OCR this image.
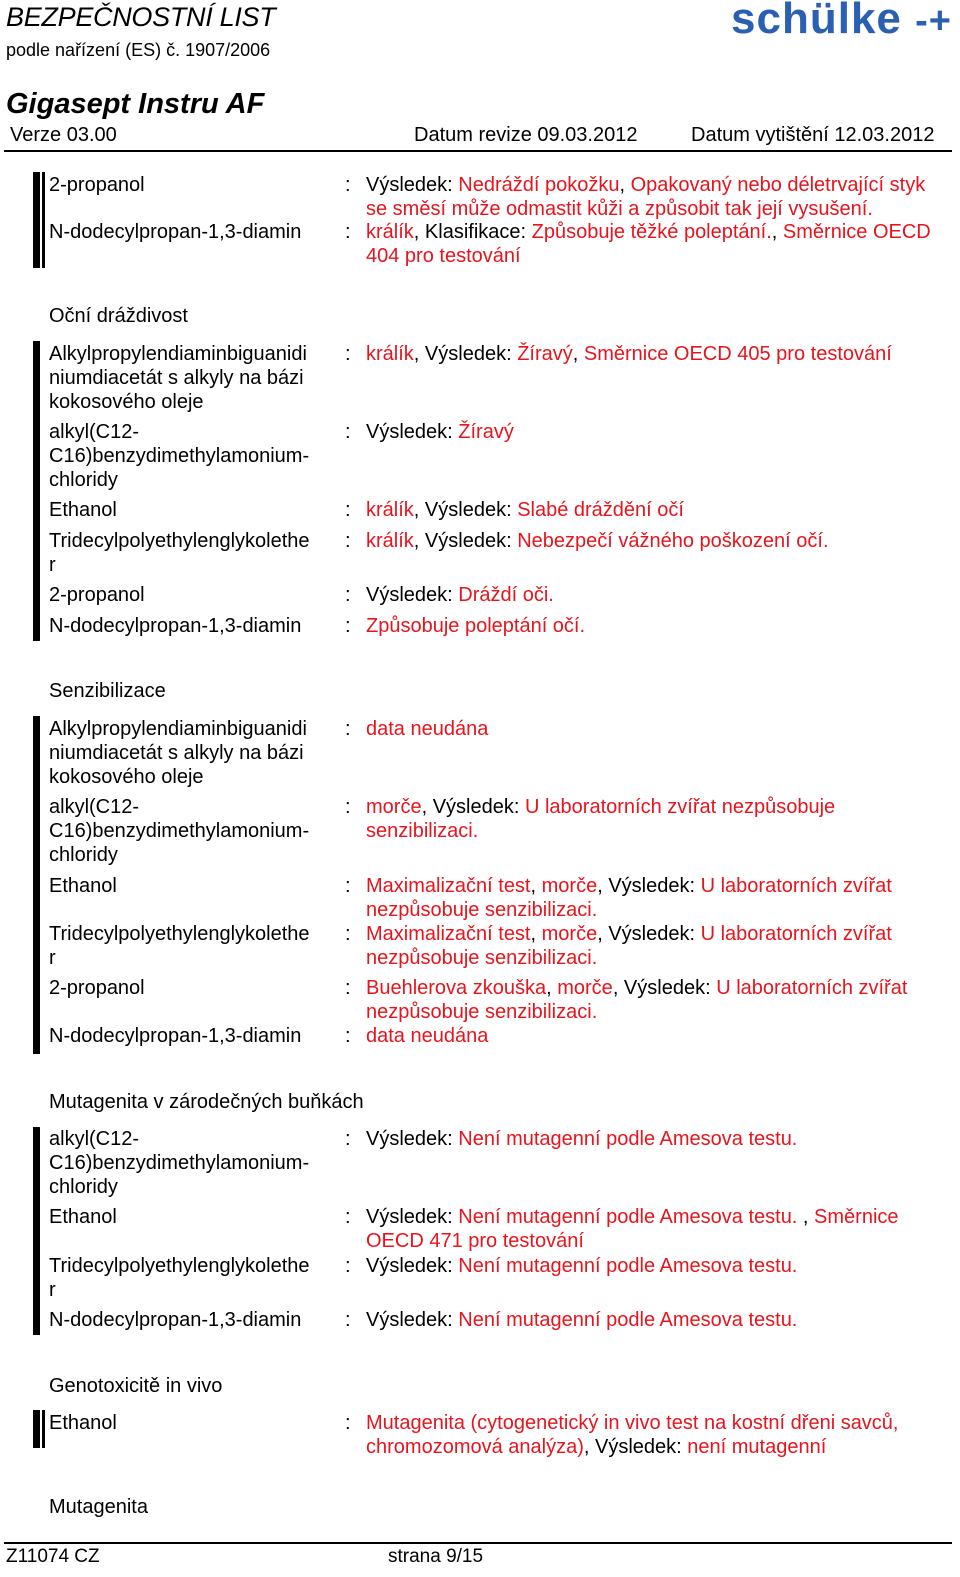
BEZPEČNOSTNÍ LIST
podle nařízení (ES) č. 1907/2006
schülke -+
Gigasept Instru AF
Verze 03.00	Datum revize 09.03.2012	Datum vytištění 12.03.2012
2-propanol	: Výsledek: Nedráždí pokožku, Opakovaný nebo déletrvající styk se směsí může odmastit kůži a způsobit tak její vysušení.
N-dodecylpropan-1,3-diamin	: králík, Klasifikace: Způsobuje těžké poleptání., Směrnice OECD 404 pro testování
Oční dráždivost
Alkylpropylendiaminbiguanidi
niumdiacetát s alkyly na bázi
kokosového oleje
: králík, Výsledek: Žíravý, Směrnice OECD 405 pro testování
alkyl(C12-
C16)benzydimethylamonium-
chloridy
: Výsledek: Žíravý
Ethanol	: králík, Výsledek: Slabé dráždění očí
Tridecylpolyethylenglykolethe
r
: králík, Výsledek: Nebezpečí vážného poškození očí.
2-propanol	: Výsledek: Dráždí oči.
N-dodecylpropan-1,3-diamin	: Způsobuje poleptání očí.
Senzibilizace
Alkylpropylendiaminbiguanidi
niumdiacetát s alkyly na bázi
kokosového oleje
: data neudána
alkyl(C12-
C16)benzydimethylamonium-
chloridy
: morče, Výsledek: U laboratorních zvířat nezpůsobuje senzibilizaci.
Ethanol	: Maximalizační test, morče, Výsledek: U laboratorních zvířat nezpůsobuje senzibilizaci.
Tridecylpolyethylenglykolethe
r
: Maximalizační test, morče, Výsledek: U laboratorních zvířat nezpůsobuje senzibilizaci.
2-propanol	: Buehlerova zkouška, morče, Výsledek: U laboratorních zvířat nezpůsobuje senzibilizaci.
N-dodecylpropan-1,3-diamin	: data neudána
Mutagenita v zárodečných buňkách
alkyl(C12-
C16)benzydimethylamonium-
chloridy
: Výsledek: Není mutagenní podle Amesova testu.
Ethanol	: Výsledek: Není mutagenní podle Amesova testu. , Směrnice OECD 471 pro testování
Tridecylpolyethylenglykolethe
r
: Výsledek: Není mutagenní podle Amesova testu.
N-dodecylpropan-1,3-diamin	: Výsledek: Není mutagenní podle Amesova testu.
Genotoxicitě in vivo
Ethanol	: Mutagenita (cytogenetický in vivo test na kostní dřeni savců, chromozomová analýza), Výsledek: není mutagenní
Mutagenita
Z11074 CZ	strana 9/15
